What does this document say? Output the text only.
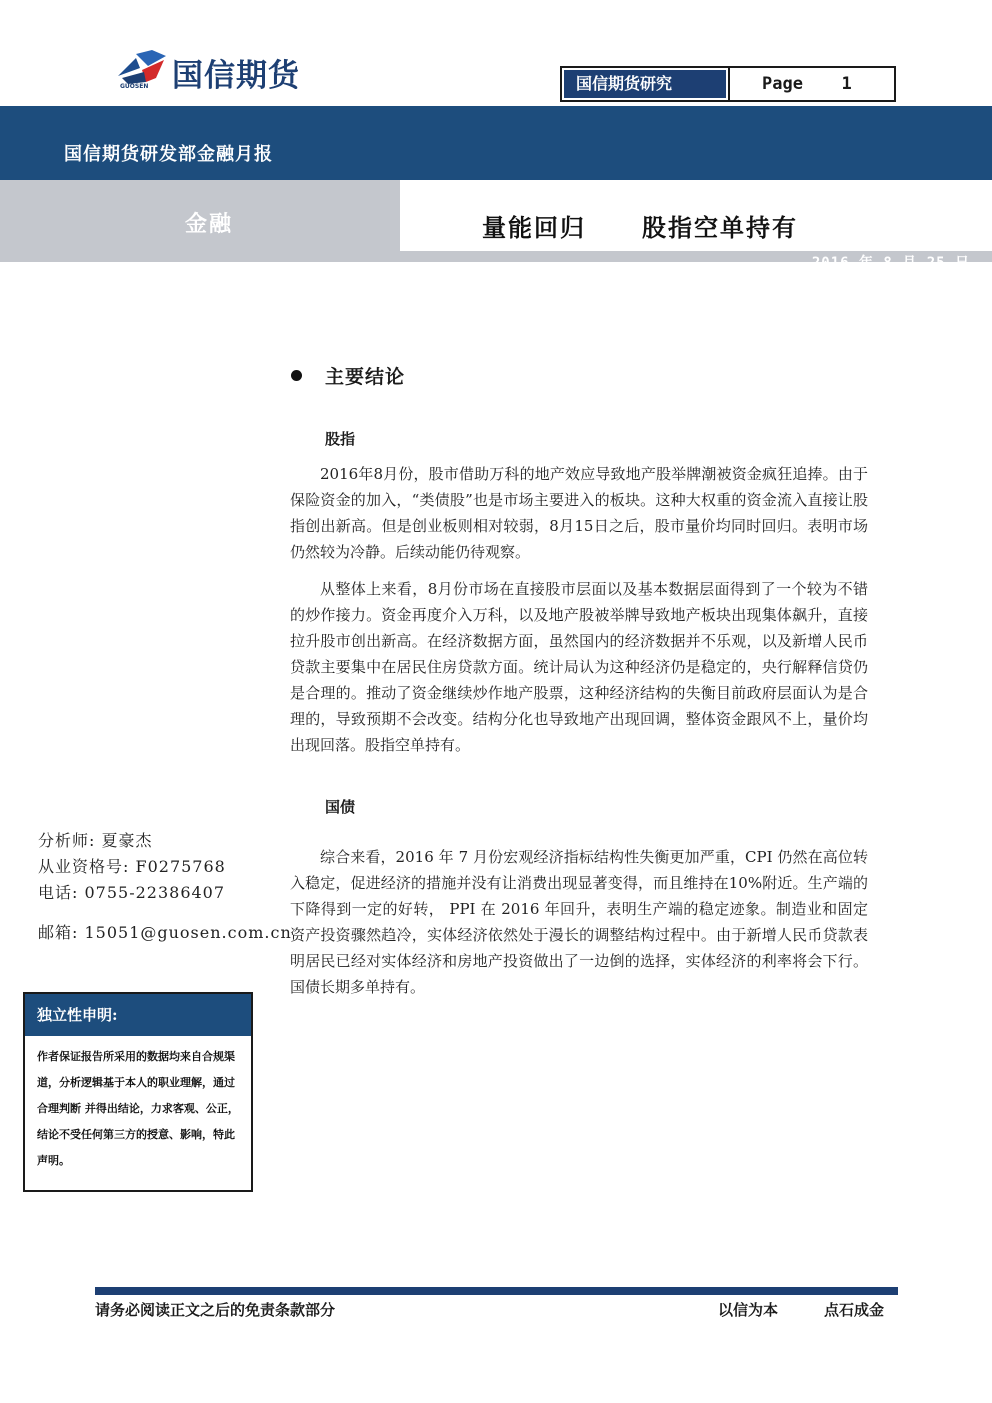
国信期货
GUOSEN	国信期货研究	Page 1
国信期货研发部金融月报
金融	量能回归 股指空单持有
2016 年 8 月 25 日
主要结论
股指
2016年8月份，股市借助万科的地产效应导致地产股举牌潮被资金疯狂追捧。由于保险资金的加入，“类债股”也是市场主要进入的板块。这种大权重的资金流入直接让股指创出新高。但是创业板则相对较弱，8月15日之后，股市量价均同时回归。表明市场仍然较为冷静。后续动能仍待观察。
从整体上来看，8月份市场在直接股市层面以及基本数据层面得到了一个较为不错的炒作接力。资金再度介入万科，以及地产股被举牌导致地产板块出现集体飙升，直接拉升股市创出新高。在经济数据方面，虽然国内的经济数据并不乐观，以及新增人民币贷款主要集中在居民住房贷款方面。统计局认为这种经济仍是稳定的，央行解释信贷仍是合理的。推动了资金继续炒作地产股票，这种经济结构的失衡目前政府层面认为是合理的，导致预期不会改变。结构分化也导致地产出现回调，整体资金跟风不上，量价均出现回落。股指空单持有。
国债
综合来看，2016 年 7 月份宏观经济指标结构性失衡更加严重，CPI 仍然在高位转入稳定，促进经济的措施并没有让消费出现显著变得，而且维持在10%附近。生产端的下降得到一定的好转， PPI 在 2016 年回升，表明生产端的稳定迹象。制造业和固定资产投资骤然趋冷，实体经济依然处于漫长的调整结构过程中。由于新增人民币贷款表明居民已经对实体经济和房地产投资做出了一边倒的选择，实体经济的利率将会下行。国债长期多单持有。
分析师: 夏豪杰
从业资格号: F0275768
电话: 0755-22386407
邮箱: 15051@guosen.com.cn
独立性申明:
作者保证报告所采用的数据均来自合规渠道，分析逻辑基于本人的职业理解，通过合理判断 并得出结论，力求客观、公正，结论不受任何第三方的授意、影响，特此声明。
请务必阅读正文之后的免责条款部分	以信为本	点石成金
